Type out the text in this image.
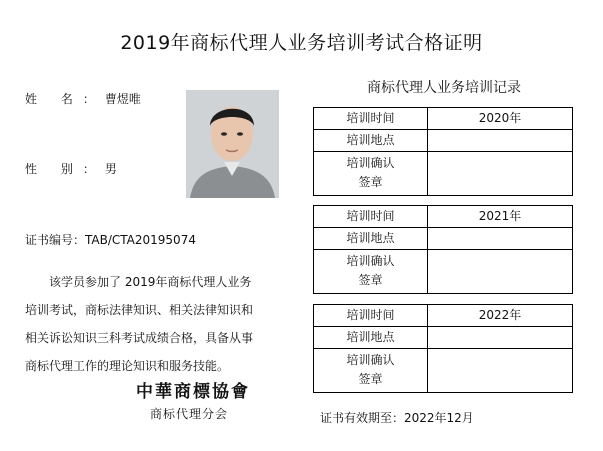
2019年商标代理人业务培训考试合格证明
姓 名：曹煜唯
性 别：男
证书编号：TAB/CTA20195074
该学员参加了 2019年商标代理人业务
培训考试，商标法律知识、相关法律知识和
相关诉讼知识三科考试成绩合格，具备从事
商标代理工作的理论知识和服务技能。
中華商標協會
商标代理分会
商标代理人业务培训记录
培训时间	2020年
培训地点
培训确认
签章
培训时间	2021年
培训地点
培训确认
签章
培训时间	2022年
培训地点
培训确认
签章
证书有效期至：2022年12月
